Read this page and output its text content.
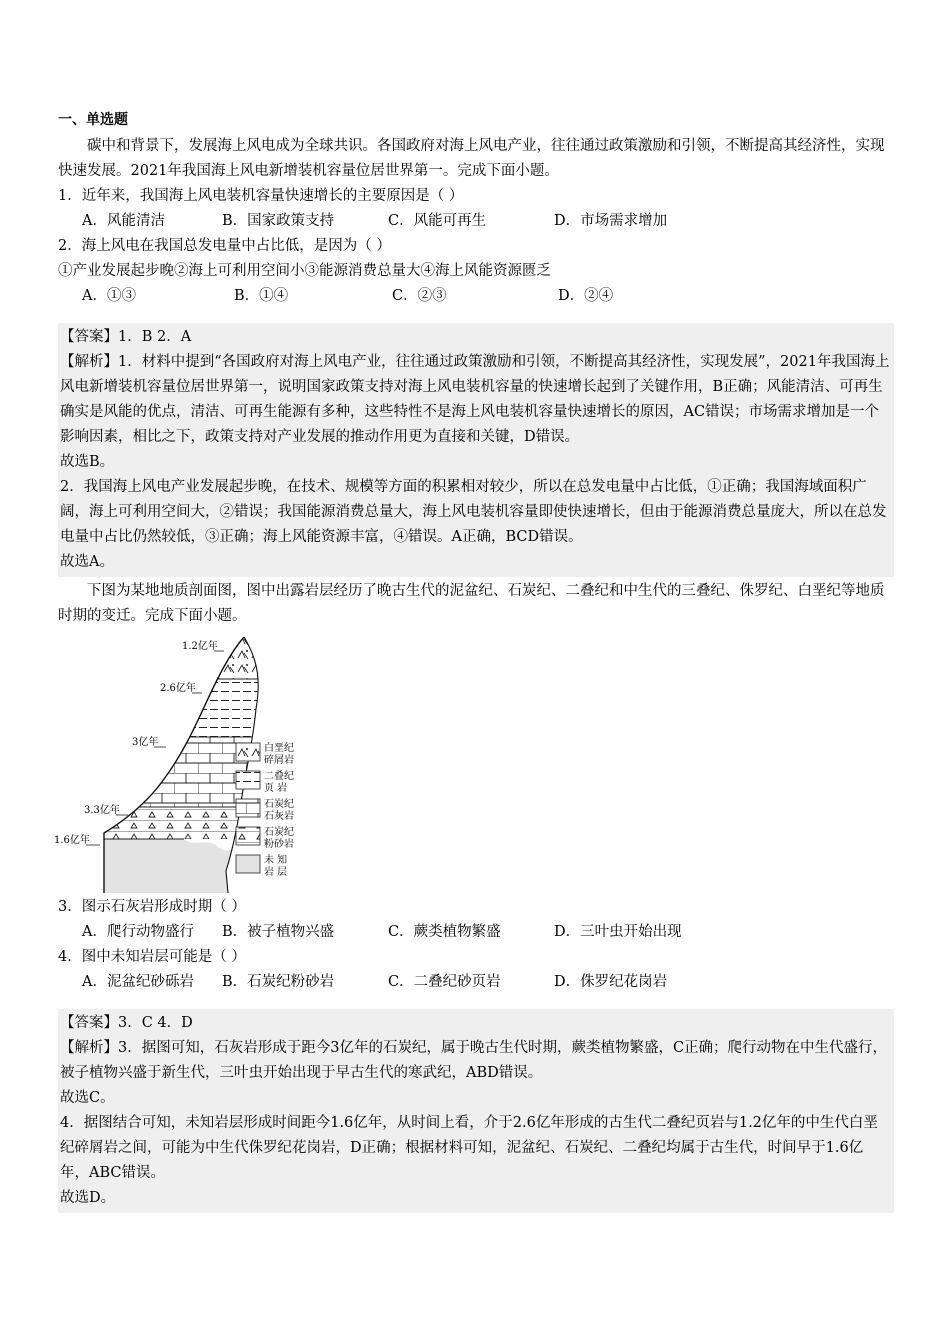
一、单选题

碳中和背景下，发展海上风电成为全球共识。各国政府对海上风电产业，往往通过政策激励和引领，不断提高其经济性，实现快速发展。2021年我国海上风电新增装机容量位居世界第一。完成下面小题。

1．近年来，我国海上风电装机容量快速增长的主要原因是（ ）

A．风能清洁	B．国家政策支持	C．风能可再生	D．市场需求增加

2．海上风电在我国总发电量中占比低，是因为（ ）

①产业发展起步晚②海上可利用空间小③能源消费总量大④海上风能资源匮乏

A．①③	B．①④	C．②③	D．②④

【答案】1．B 2．A

【解析】1．材料中提到“各国政府对海上风电产业，往往通过政策激励和引领，不断提高其经济性，实现发展”，2021年我国海上风电新增装机容量位居世界第一，说明国家政策支持对海上风电装机容量的快速增长起到了关键作用，B正确；风能清洁、可再生确实是风能的优点，清洁、可再生能源有多种，这些特性不是海上风电装机容量快速增长的原因，AC错误；市场需求增加是一个影响因素，相比之下，政策支持对产业发展的推动作用更为直接和关键，D错误。

故选B。

2．我国海上风电产业发展起步晚，在技术、规模等方面的积累相对较少，所以在总发电量中占比低，①正确；我国海域面积广阔，海上可利用空间大，②错误；我国能源消费总量大，海上风电装机容量即使快速增长，但由于能源消费总量庞大，所以在总发电量中占比仍然较低，③正确；海上风能资源丰富，④错误。A正确，BCD错误。

故选A。

下图为某地地质剖面图，图中出露岩层经历了晚古生代的泥盆纪、石炭纪、二叠纪和中生代的三叠纪、侏罗纪、白垩纪等地质时期的变迁。完成下面小题。

1.2亿年
2.6亿年
3亿年
3.3亿年
1.6亿年
白垩纪
碎屑岩
二叠纪
页 岩
石炭纪
石灰岩
石炭纪
粉砂岩
未 知
岩 层

3．图示石灰岩形成时期（ ）

A．爬行动物盛行	B．被子植物兴盛	C．蕨类植物繁盛	D．三叶虫开始出现

4．图中未知岩层可能是（ ）

A．泥盆纪砂砾岩	B．石炭纪粉砂岩	C．二叠纪砂页岩	D．侏罗纪花岗岩

【答案】3．C 4．D

【解析】3．据图可知，石灰岩形成于距今3亿年的石炭纪，属于晚古生代时期，蕨类植物繁盛，C正确；爬行动物在中生代盛行，被子植物兴盛于新生代，三叶虫开始出现于早古生代的寒武纪，ABD错误。

故选C。

4．据图结合可知，未知岩层形成时间距今1.6亿年，从时间上看，介于2.6亿年形成的古生代二叠纪页岩与1.2亿年的中生代白垩纪碎屑岩之间，可能为中生代侏罗纪花岗岩，D正确；根据材料可知，泥盆纪、石炭纪、二叠纪均属于古生代，时间早于1.6亿年，ABC错误。

故选D。
